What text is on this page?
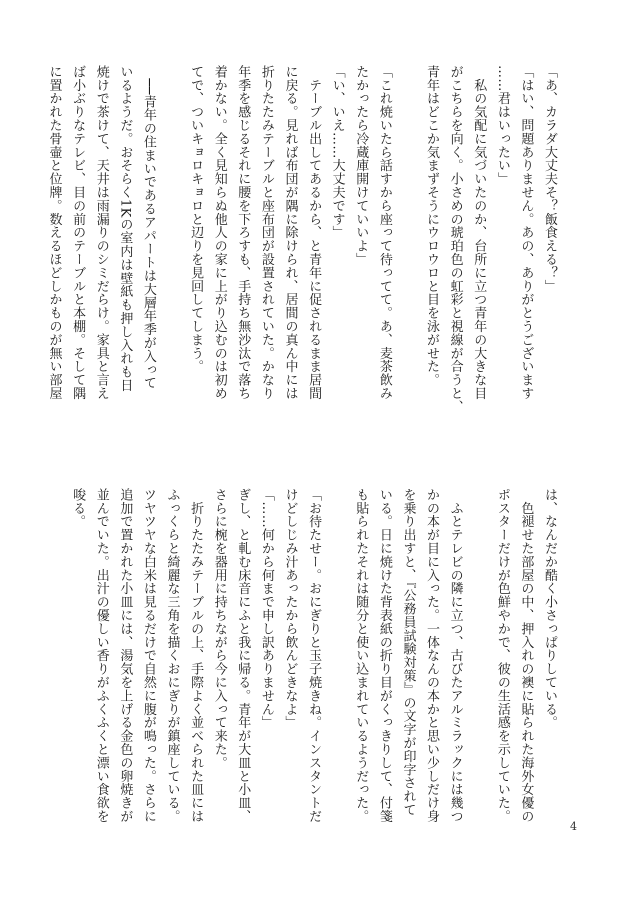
「あ、カラダ大丈夫そ？飯食える？」

「はい、問題ありません。あの、ありがとうございます

……君はいったい」

　私の気配に気づいたのか、台所に立つ青年の大きな目

がこちらを向く。小さめの琥珀色の虹彩と視線が合うと、

青年はどこか気まずそうにウロウロと目を泳がせた。

「これ焼いたら話すから座って待ってて。あ、麦茶飲み

たかったら冷蔵庫開けていいよ」

「い、いえ……大丈夫です」

　テーブル出してあるから、と青年に促されるまま居間

に戻る。見れば布団が隅に除けられ、居間の真ん中には

折りたたみテーブルと座布団が設置されていた。かなり

年季を感じるそれに腰を下ろすも、手持ち無沙汰で落ち

着かない。全く見知らぬ他人の家に上がり込むのは初め

てで、ついキョロキョロと辺りを見回してしまう。

　──青年の住まいであるアパートは大層年季が入って

いるようだ。おそらく1Kの室内は壁紙も押し入れも日

焼けで茶けて、天井は雨漏りのシミだらけ。家具と言え

ば小ぶりなテレビ、目の前のテーブルと本棚。そして隅

に置かれた骨壷と位牌。数えるほどしかものが無い部屋

は、なんだか酷く小さっぱりしている。

　色褪せた部屋の中、押入れの襖に貼られた海外女優の

ポスターだけが色鮮やかで、彼の生活感を示していた。

　ふとテレビの隣に立つ、古びたアルミラックには幾つ

かの本が目に入った。一体なんの本かと思い少しだけ身

を乗り出すと、『公務員試験対策』の文字が印字されて

いる。日に焼けた背表紙の折り目がくっきりして、付箋

も貼られたそれは随分と使い込まれているようだった。

「お待たせー。おにぎりと玉子焼きね。インスタントだ

けどしじみ汁あったから飲んどきなよ」

「……何から何まで申し訳ありません」

ぎし、と軋む床音にふと我に帰る。青年が大皿と小皿、

さらに椀を器用に持ちながら今に入って来た。

　折りたたみテーブルの上、手際よく並べられた皿には

ふっくらと綺麗な三角を描くおにぎりが鎮座している。

ツヤツヤな白米は見るだけで自然に腹が鳴った。さらに

追加で置かれた小皿には、湯気を上げる金色の卵焼きが

並んでいた。出汁の優しい香りがふくふくと漂い食欲を

唆る。

4
